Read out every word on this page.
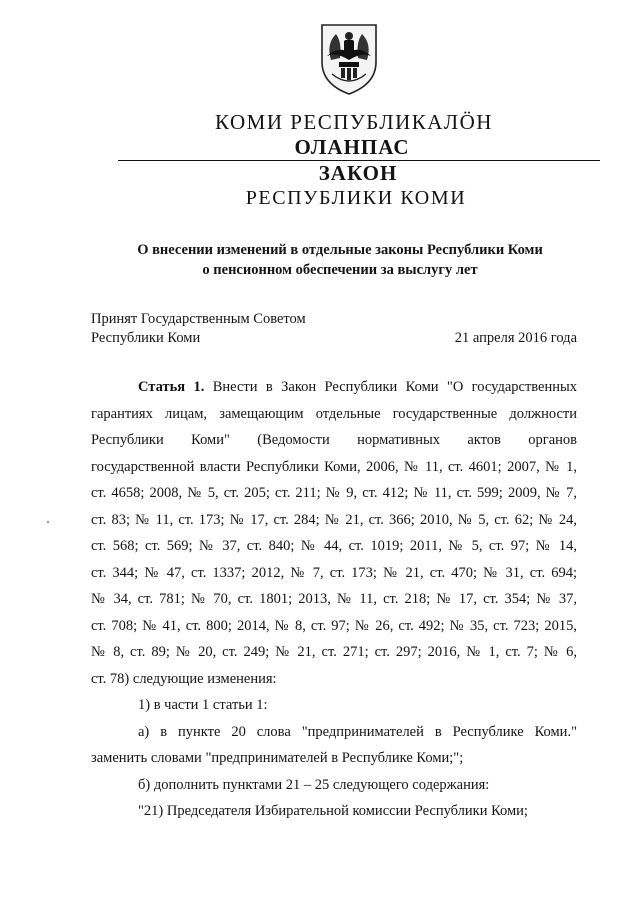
КОМИ РЕСПУБЛИКАЛӦН
ОЛАНПАС
ЗАКОН
РЕСПУБЛИКИ КОМИ
О внесении изменений в отдельные законы Республики Коми
о пенсионном обеспечении за выслугу лет
Принят Государственным Советом
Республики Коми	21 апреля 2016 года

Статья 1. Внести в Закон Республики Коми "О государственных

гарантиях лицам, замещающим отдельные государственные должности

Республики Коми" (Ведомости нормативных актов органов

государственной власти Республики Коми, 2006, № 11, ст. 4601; 2007, № 1,

ст. 4658; 2008, № 5, ст. 205; ст. 211; № 9, ст. 412; № 11, ст. 599; 2009, № 7,

ст. 83; № 11, ст. 173; № 17, ст. 284; № 21, ст. 366; 2010, № 5, ст. 62; № 24,

ст. 568; ст. 569; № 37, ст. 840; № 44, ст. 1019; 2011, № 5, ст. 97; № 14,

ст. 344; № 47, ст. 1337; 2012, № 7, ст. 173; № 21, ст. 470; № 31, ст. 694;

№ 34, ст. 781; № 70, ст. 1801; 2013, № 11, ст. 218; № 17, ст. 354; № 37,

ст. 708; № 41, ст. 800; 2014, № 8, ст. 97; № 26, ст. 492; № 35, ст. 723; 2015,

№ 8, ст. 89; № 20, ст. 249; № 21, ст. 271; ст. 297; 2016, № 1, ст. 7; № 6,

ст. 78) следующие изменения:

1) в части 1 статьи 1:

а) в пункте 20 слова "предпринимателей в Республике Коми."

заменить словами "предпринимателей в Республике Коми;";

б) дополнить пунктами 21 – 25 следующего содержания:

"21) Председателя Избирательной комиссии Республики Коми;
